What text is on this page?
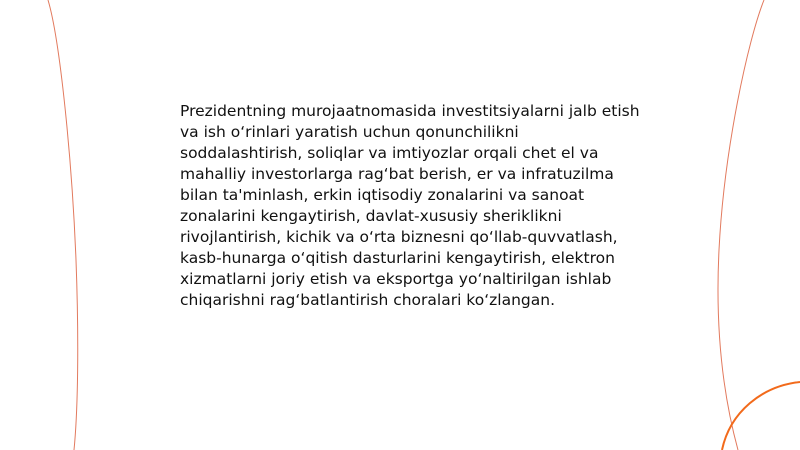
Prezidentning murojaatnomasida investitsiyalarni jalb etish va ish o‘rinlari yaratish uchun qonunchilikni soddalashtirish, soliqlar va imtiyozlar orqali chet el va mahalliy investorlarga rag‘bat berish, er va infratuzilma bilan ta'minlash, erkin iqtisodiy zonalarini va sanoat zonalarini kengaytirish, davlat-xususiy sheriklikni rivojlantirish, kichik va o‘rta biznesni qo‘llab-quvvatlash, kasb-hunarga o‘qitish dasturlarini kengaytirish, elektron xizmatlarni joriy etish va eksportga yo‘naltirilgan ishlab chiqarishni rag‘batlantirish choralari ko‘zlangan.
